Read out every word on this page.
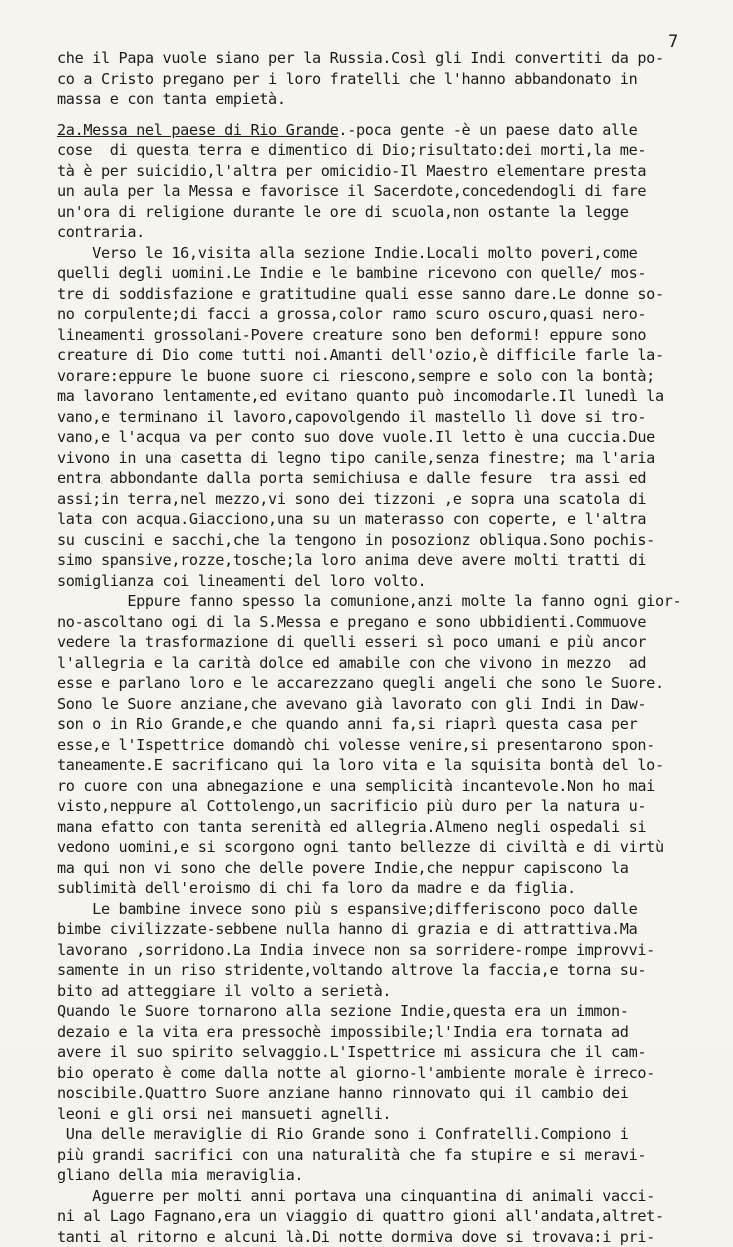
7
che il Papa vuole siano per la Russia.Così gli Indi convertiti da po-
co a Cristo pregano per i loro fratelli che l'hanno abbandonato in
massa e con tanta empietà.
2a.Messa nel paese di Rio Grande.-poca gente -è un paese dato alle
cose  di questa terra e dimentico di Dio;risultato:dei morti,la me-
tà è per suicidio,l'altra per omicidio-Il Maestro elementare presta
un aula per la Messa e favorisce il Sacerdote,concedendogli di fare
un'ora di religione durante le ore di scuola,non ostante la legge
contraria.
Verso le 16,visita alla sezione Indie.Locali molto poveri,come
quelli degli uomini.Le Indie e le bambine ricevono con quelle/ mos-
tre di soddisfazione e gratitudine quali esse sanno dare.Le donne so-
no corpulente;di facci a grossa,color ramo scuro oscuro,quasi nero-
lineamenti grossolani-Povere creature sono ben deformi! eppure sono
creature di Dio come tutti noi.Amanti dell'ozio,è difficile farle la-
vorare:eppure le buone suore ci riescono,sempre e solo con la bontà;
ma lavorano lentamente,ed evitano quanto può incomodarle.Il lunedì la
vano,e terminano il lavoro,capovolgendo il mastello lì dove si tro-
vano,e l'acqua va per conto suo dove vuole.Il letto è una cuccia.Due
vivono in una casetta di legno tipo canile,senza finestre; ma l'aria
entra abbondante dalla porta semichiusa e dalle fesure  tra assi ed
assi;in terra,nel mezzo,vi sono dei tizzoni ,e sopra una scatola di
lata con acqua.Giacciono,una su un materasso con coperte, e l'altra
su cuscini e sacchi,che la tengono in posozionz obliqua.Sono pochis-
simo spansive,rozze,tosche;la loro anima deve avere molti tratti di
somiglianza coi lineamenti del loro volto.
Eppure fanno spesso la comunione,anzi molte la fanno ogni gior-
no-ascoltano ogi di la S.Messa e pregano e sono ubbidienti.Commuove
vedere la trasformazione di quelli esseri sì poco umani e più ancor
l'allegria e la carità dolce ed amabile con che vivono in mezzo  ad
esse e parlano loro e le accarezzano quegli angeli che sono le Suore.
Sono le Suore anziane,che avevano già lavorato con gli Indi in Daw-
son o in Rio Grande,e che quando anni fa,si riaprì questa casa per
esse,e l'Ispettrice domandò chi volesse venire,si presentarono spon-
taneamente.E sacrificano qui la loro vita e la squisita bontà del lo-
ro cuore con una abnegazione e una semplicità incantevole.Non ho mai
visto,neppure al Cottolengo,un sacrificio più duro per la natura u-
mana efatto con tanta serenità ed allegria.Almeno negli ospedali si
vedono uomini,e si scorgono ogni tanto bellezze di civiltà e di virtù
ma qui non vi sono che delle povere Indie,che neppur capiscono la
sublimità dell'eroismo di chi fa loro da madre e da figlia.
Le bambine invece sono più s espansive;differiscono poco dalle
bimbe civilizzate-sebbene nulla hanno di grazia e di attrattiva.Ma
lavorano ,sorridono.La India invece non sa sorridere-rompe improvvi-
samente in un riso stridente,voltando altrove la faccia,e torna su-
bito ad atteggiare il volto a serietà.
Quando le Suore tornarono alla sezione Indie,questa era un immon-
dezaio e la vita era pressochè impossibile;l'India era tornata ad
avere il suo spirito selvaggio.L'Ispettrice mi assicura che il cam-
bio operato è come dalla notte al giorno-l'ambiente morale è irreco-
noscibile.Quattro Suore anziane hanno rinnovato qui il cambio dei
leoni e gli orsi nei mansueti agnelli.
Una delle meraviglie di Rio Grande sono i Confratelli.Compiono i
più grandi sacrifici con una naturalità che fa stupire e si meravi-
gliano della mia meraviglia.
Aguerre per molti anni portava una cinquantina di animali vacci-
ni al Lago Fagnano,era un viaggio di quattro gioni all'andata,altret-
tanti al ritorno e alcuni là.Di notte dormiva dove si trovava:i pri-
